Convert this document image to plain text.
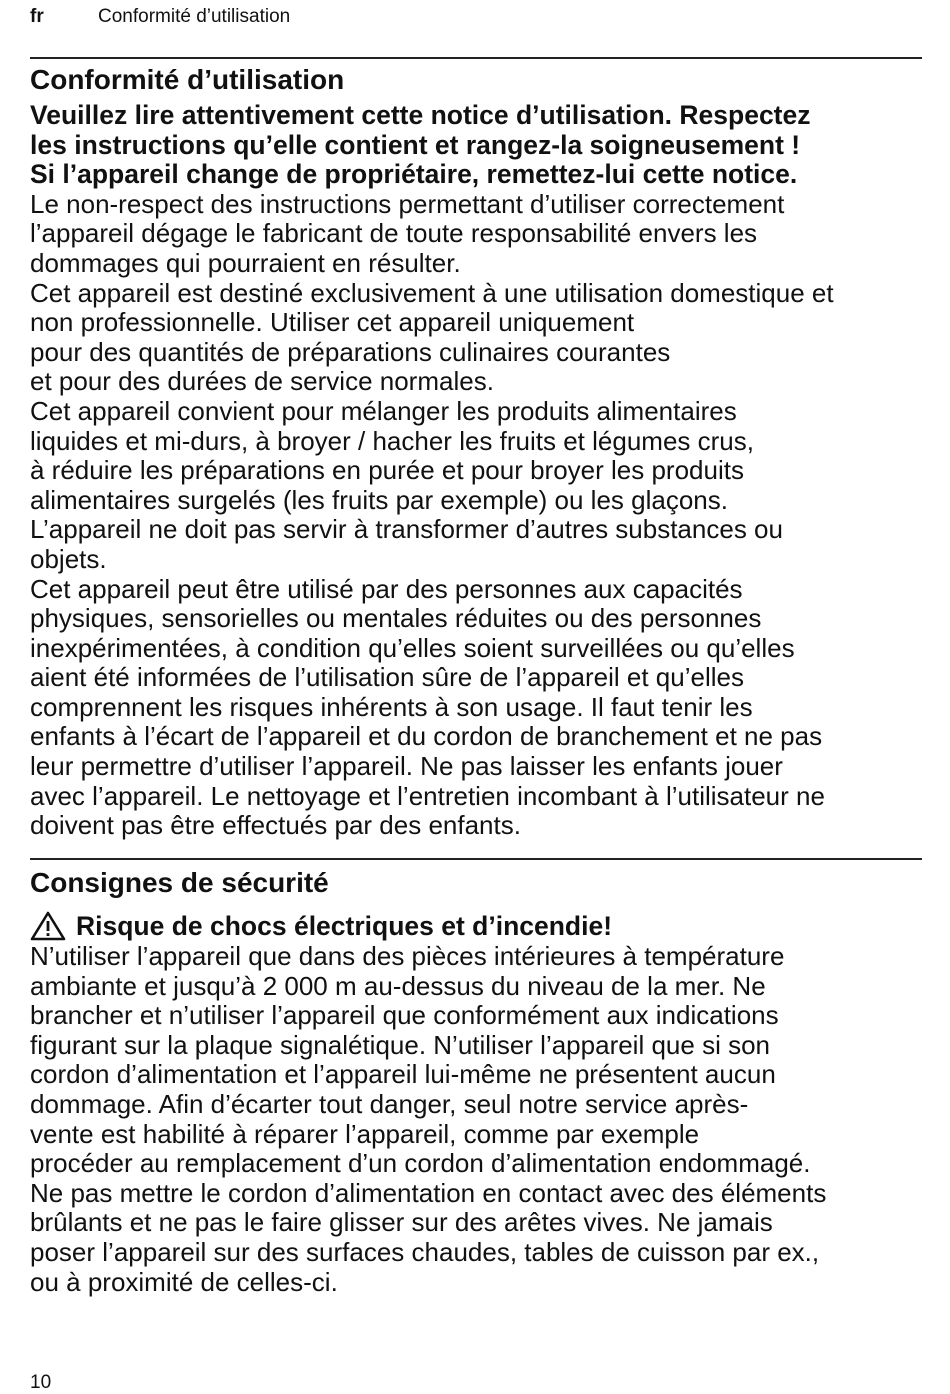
fr	Conformité d’utilisation
Conformité d’utilisation

Veuillez lire attentivement cette notice d’utilisation. Respectez

les instructions qu’elle contient et rangez-la soigneusement !

Si l’appareil change de propriétaire, remettez-lui cette notice.

Le non-respect des instructions permettant d’utiliser correctement

l’appareil dégage le fabricant de toute responsabilité envers les

dommages qui pourraient en résulter.

Cet appareil est destiné exclusivement à une utilisation domestique et

non professionnelle. Utiliser cet appareil uniquement

pour des quantités de préparations culinaires courantes

et pour des durées de service normales.

Cet appareil convient pour mélanger les produits alimentaires

liquides et mi-durs, à broyer / hacher les fruits et légumes crus,

à réduire les préparations en purée et pour broyer les produits

alimentaires surgelés (les fruits par exemple) ou les glaçons.

L’appareil ne doit pas servir à transformer d’autres substances ou

objets.

Cet appareil peut être utilisé par des personnes aux capacités

physiques, sensorielles ou mentales réduites ou des personnes

inexpérimentées, à condition qu’elles soient surveillées ou qu’elles

aient été informées de l’utilisation sûre de l’appareil et qu’elles

comprennent les risques inhérents à son usage. Il faut tenir les

enfants à l’écart de l’appareil et du cordon de branchement et ne pas

leur permettre d’utiliser l’appareil. Ne pas laisser les enfants jouer

avec l’appareil. Le nettoyage et l’entretien incombant à l’utilisateur ne

doivent pas être effectués par des enfants.

Consignes de sécurité
Risque de chocs électriques et d’incendie!

N’utiliser l’appareil que dans des pièces intérieures à température

ambiante et jusqu’à 2 000 m au-dessus du niveau de la mer. Ne

brancher et n’utiliser l’appareil que conformément aux indications

figurant sur la plaque signalétique. N’utiliser l’appareil que si son

cordon d’alimentation et l’appareil lui-même ne présentent aucun

dommage. Afin d’écarter tout danger, seul notre service après-

vente est habilité à réparer l’appareil, comme par exemple

procéder au remplacement d’un cordon d’alimentation endommagé.

Ne pas mettre le cordon d’alimentation en contact avec des éléments

brûlants et ne pas le faire glisser sur des arêtes vives. Ne jamais

poser l’appareil sur des surfaces chaudes, tables de cuisson par ex.,

ou à proximité de celles-ci.

10
